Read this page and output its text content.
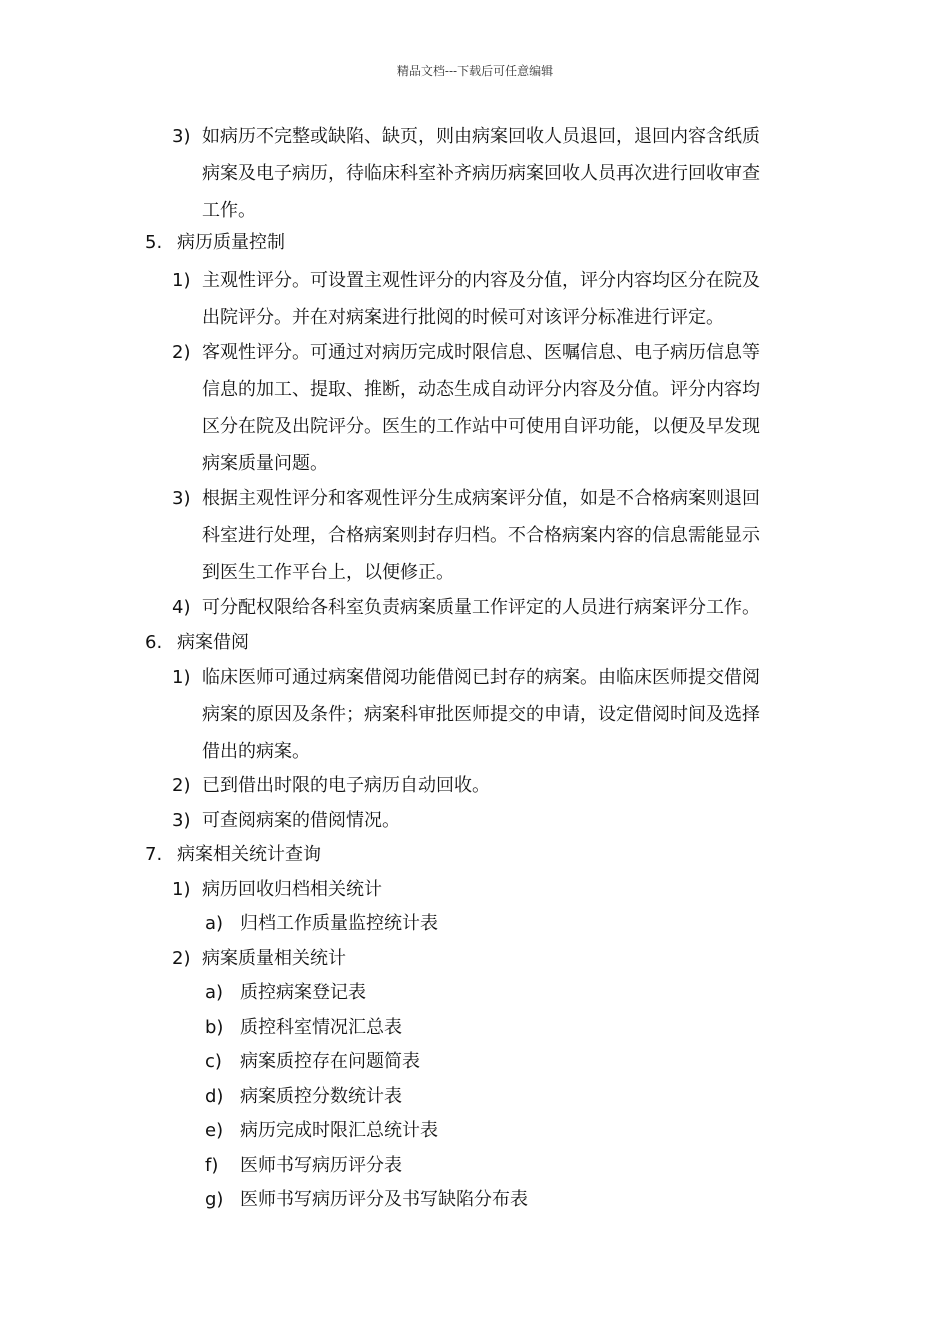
精品文档---下载后可任意编辑
3) 如病历不完整或缺陷、缺页，则由病案回收人员退回，退回内容含纸质
病案及电子病历，待临床科室补齐病历病案回收人员再次进行回收审查
工作。
5. 病历质量控制
1) 主观性评分。可设置主观性评分的内容及分值，评分内容均区分在院及
出院评分。并在对病案进行批阅的时候可对该评分标准进行评定。
2) 客观性评分。可通过对病历完成时限信息、医嘱信息、电子病历信息等
信息的加工、提取、推断，动态生成自动评分内容及分值。评分内容均
区分在院及出院评分。医生的工作站中可使用自评功能，以便及早发现
病案质量问题。
3) 根据主观性评分和客观性评分生成病案评分值，如是不合格病案则退回
科室进行处理，合格病案则封存归档。不合格病案内容的信息需能显示
到医生工作平台上，以便修正。
4) 可分配权限给各科室负责病案质量工作评定的人员进行病案评分工作。
6. 病案借阅
1) 临床医师可通过病案借阅功能借阅已封存的病案。由临床医师提交借阅
病案的原因及条件；病案科审批医师提交的申请，设定借阅时间及选择
借出的病案。
2) 已到借出时限的电子病历自动回收。
3) 可查阅病案的借阅情况。
7. 病案相关统计查询
1) 病历回收归档相关统计
a) 归档工作质量监控统计表
2) 病案质量相关统计
a) 质控病案登记表
b) 质控科室情况汇总表
c) 病案质控存在问题简表
d) 病案质控分数统计表
e) 病历完成时限汇总统计表
f) 医师书写病历评分表
g) 医师书写病历评分及书写缺陷分布表
